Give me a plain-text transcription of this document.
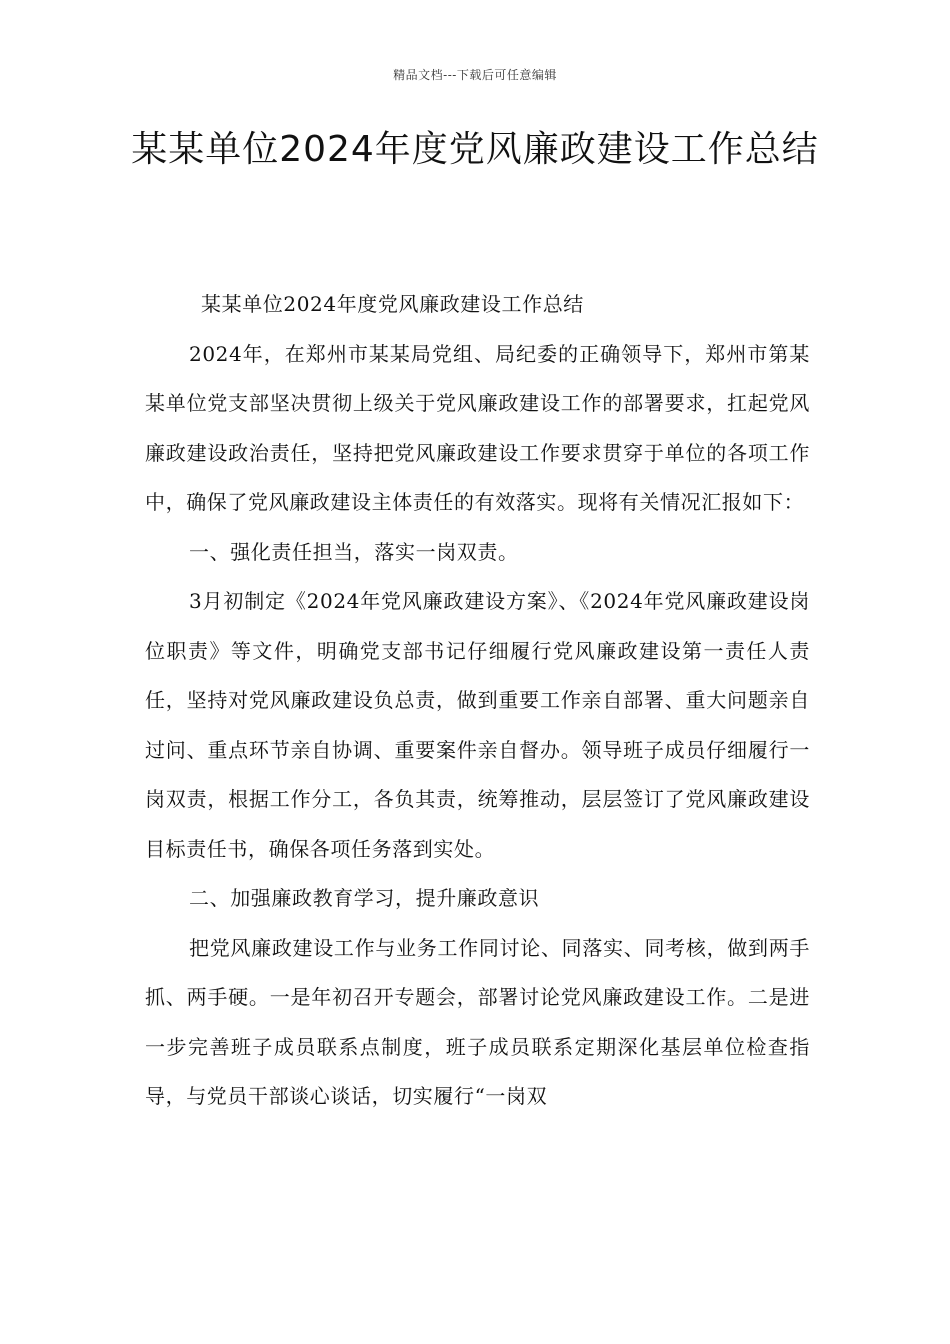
精品文档---下载后可任意编辑
某某单位2024年度党风廉政建设工作总结

某某单位2024年度党风廉政建设工作总结

2024年，在郑州市某某局党组、局纪委的正确领导下，郑州市第某某单位党支部坚决贯彻上级关于党风廉政建设工作的部署要求，扛起党风廉政建设政治责任，坚持把党风廉政建设工作要求贯穿于单位的各项工作中，确保了党风廉政建设主体责任的有效落实。现将有关情况汇报如下：

一、强化责任担当，落实一岗双责。

3月初制定《2024年党风廉政建设方案》、《2024年党风廉政建设岗位职责》等文件，明确党支部书记仔细履行党风廉政建设第一责任人责任，坚持对党风廉政建设负总责，做到重要工作亲自部署、重大问题亲自过问、重点环节亲自协调、重要案件亲自督办。领导班子成员仔细履行一岗双责，根据工作分工，各负其责，统筹推动，层层签订了党风廉政建设目标责任书，确保各项任务落到实处。

二、加强廉政教育学习，提升廉政意识

把党风廉政建设工作与业务工作同讨论、同落实、同考核，做到两手抓、两手硬。一是年初召开专题会，部署讨论党风廉政建设工作。二是进一步完善班子成员联系点制度，班子成员联系定期深化基层单位检查指导，与党员干部谈心谈话，切实履行“一岗双
